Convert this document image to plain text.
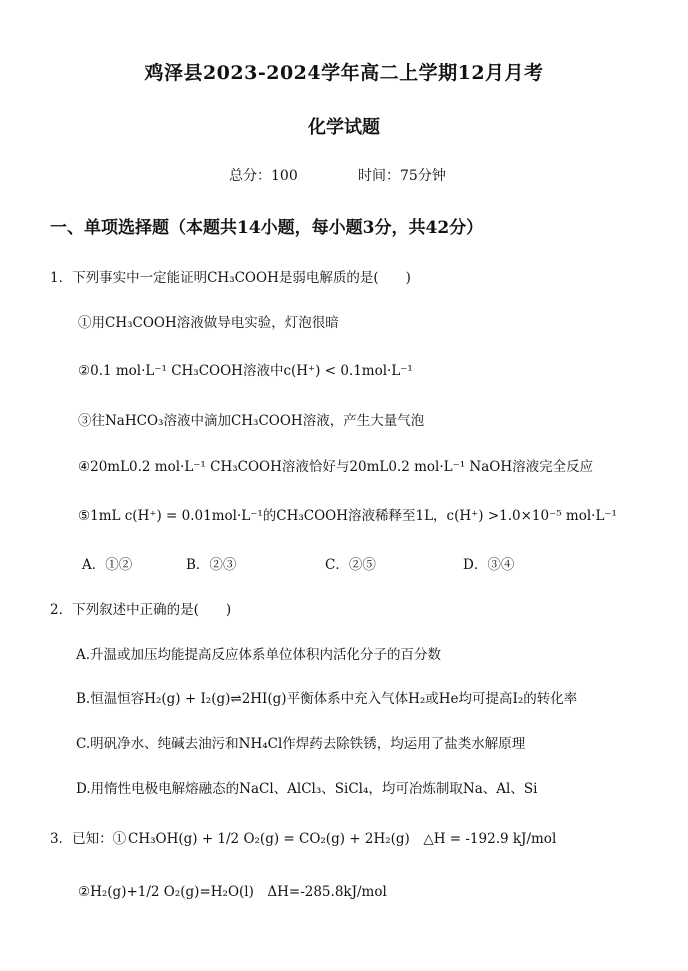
鸡泽县2023-2024学年高二上学期12月月考
化学试题
总分：100	时间：75分钟
一、单项选择题（本题共14小题，每小题3分，共42分）
1．下列事实中一定能证明CH₃COOH是弱电解质的是(　　)
①用CH₃COOH溶液做导电实验，灯泡很暗
②0.1 mol·L⁻¹ CH₃COOH溶液中c(H⁺) < 0.1mol·L⁻¹
③往NaHCO₃溶液中滴加CH₃COOH溶液，产生大量气泡
④20mL0.2 mol·L⁻¹ CH₃COOH溶液恰好与20mL0.2 mol·L⁻¹ NaOH溶液完全反应
⑤1mL c(H⁺) = 0.01mol·L⁻¹的CH₃COOH溶液稀释至1L，c(H⁺) >1.0×10⁻⁵ mol·L⁻¹
A．①②	B．②③	C．②⑤	D．③④
2．下列叙述中正确的是(　　)
A.升温或加压均能提高反应体系单位体积内活化分子的百分数
B.恒温恒容H₂(g) + I₂(g)⇌2HI(g)平衡体系中充入气体H₂或He均可提高I₂的转化率
C.明矾净水、纯碱去油污和NH₄Cl作焊药去除铁锈，均运用了盐类水解原理
D.用惰性电极电解熔融态的NaCl、AlCl₃、SiCl₄，均可冶炼制取Na、Al、Si
3．已知：① CH₃OH(g) + 1/2 O₂(g) = CO₂(g) + 2H₂(g)　△H = -192.9 kJ/mol
②H₂(g)+1/2 O₂(g)=H₂O(l)　ΔH=-285.8kJ/mol
